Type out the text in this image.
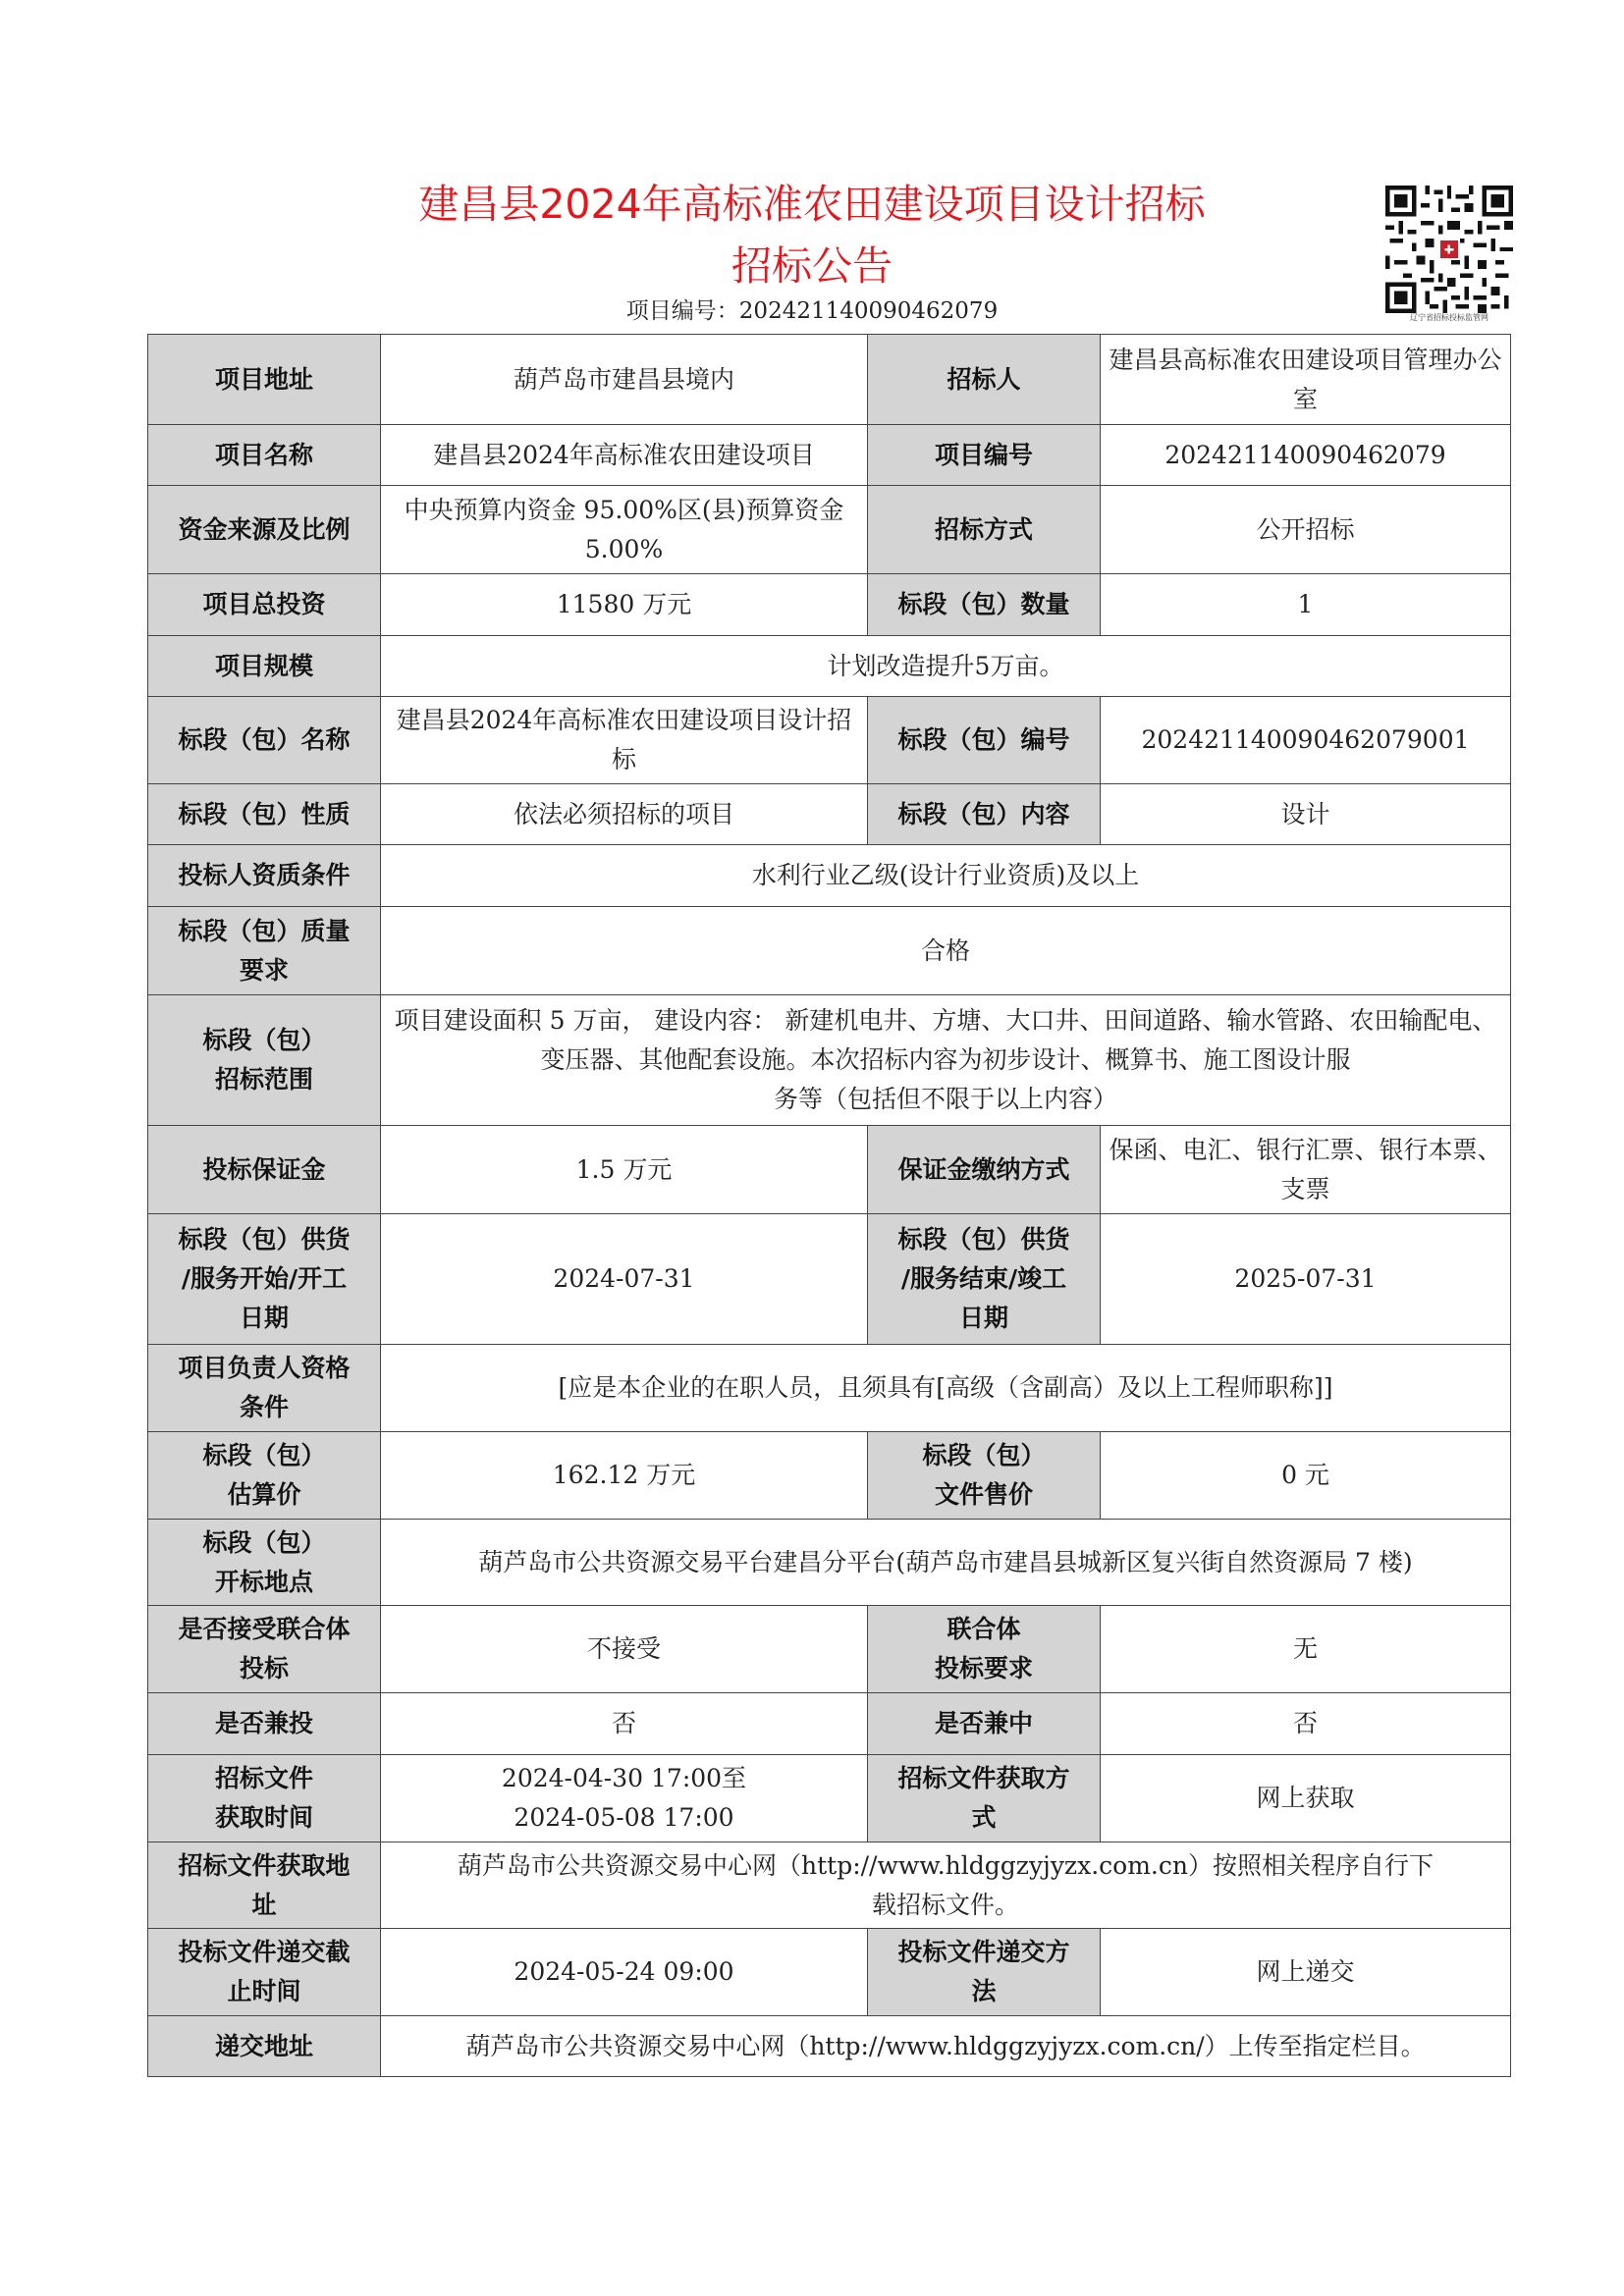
建昌县2024年高标准农田建设项目设计招标
招标公告
项目编号：202421140090462079	辽宁省招标投标监管网
项目地址	葫芦岛市建昌县境内	招标人	建昌县高标准农田建设项目管理办公室
项目名称	建昌县2024年高标准农田建设项目	项目编号	202421140090462079
资金来源及比例	中央预算内资金 95.00%区(县)预算资金 5.00%	招标方式	公开招标
项目总投资	11580 万元	标段（包）数量	1
项目规模	计划改造提升5万亩。		
标段（包）名称	建昌县2024年高标准农田建设项目设计招标	标段（包）编号	202421140090462079001
标段（包）性质	依法必须招标的项目	标段（包）内容	设计
投标人资质条件	水利行业乙级(设计行业资质)及以上		

标段（包）质量
要求	合格		

标段（包）
招标范围	项目建设面积 5 万亩， 建设内容： 新建机电井、方塘、大口井、田间道路、输水管路、农田输配电、变压器、其他配套设施。本次招标内容为初步设计、概算书、施工图设计服
务等（包括但不限于以上内容）		

投标保证金	1.5 万元	保证金缴纳方式	保函、电汇、银行汇票、银行本票、支票

标段（包）供货
/服务开始/开工
日期	2024-07-31	标段（包）供货
/服务结束/竣工
日期	2025-07-31

项目负责人资格
条件	[应是本企业的在职人员，且须具有[高级（含副高）及以上工程师职称]]		

标段（包）
估算价	162.12 万元	标段（包）
文件售价	0 元

标段（包）
开标地点	葫芦岛市公共资源交易平台建昌分平台(葫芦岛市建昌县城新区复兴街自然资源局 7 楼)		

是否接受联合体
投标	不接受	联合体
投标要求	无
是否兼投	否	是否兼中	否

招标文件
获取时间	2024-04-30 17:00至
2024-05-08 17:00	招标文件获取方
式	网上获取

招标文件获取地
址	葫芦岛市公共资源交易中心网（http://www.hldggzyjyzx.com.cn）按照相关程序自行下
载招标文件。		

投标文件递交截
止时间	2024-05-24 09:00	投标文件递交方
法	网上递交
递交地址	葫芦岛市公共资源交易中心网（http://www.hldggzyjyzx.com.cn/）上传至指定栏目。		
